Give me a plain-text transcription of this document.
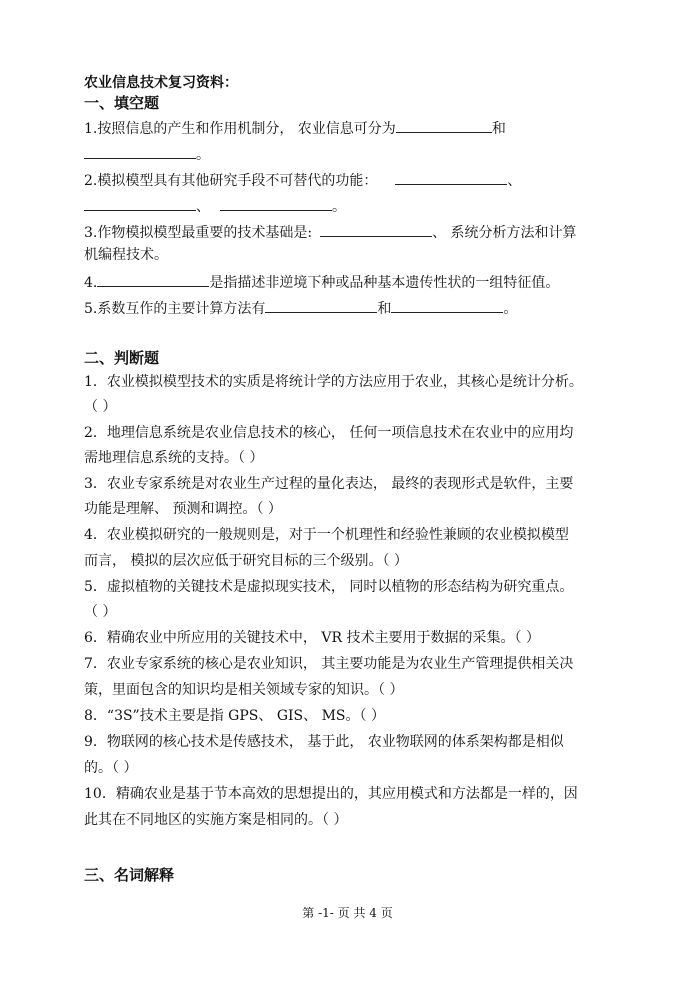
农业信息技术复习资料：
一、填空题
1.按照信息的产生和作用机制分， 农业信息可分为	和
。
2.模拟模型具有其他研究手段不可替代的功能：	、
、	。
3.作物模拟模型最重要的技术基础是:	、 系统分析方法和计算
机编程技术。
4.	是指描述非逆境下种或品种基本遗传性状的一组特征值。
5.系数互作的主要计算方法有	和	。
二、判断题
1．农业模拟模型技术的实质是将统计学的方法应用于农业，其核心是统计分析。
（ ）
2．地理信息系统是农业信息技术的核心， 任何一项信息技术在农业中的应用均
需地理信息系统的支持。（ ）
3．农业专家系统是对农业生产过程的量化表达， 最终的表现形式是软件，主要
功能是理解、 预测和调控。（ ）
4．农业模拟研究的一般规则是，对于一个机理性和经验性兼顾的农业模拟模型
而言， 模拟的层次应低于研究目标的三个级别。（ ）
5．虚拟植物的关键技术是虚拟现实技术， 同时以植物的形态结构为研究重点。
（ ）
6．精确农业中所应用的关键技术中， VR 技术主要用于数据的采集。（ ）
7．农业专家系统的核心是农业知识， 其主要功能是为农业生产管理提供相关决
策，里面包含的知识均是相关领域专家的知识。（ ）
8．“3S”技术主要是指 GPS、 GIS、 MS。（ ）
9．物联网的核心技术是传感技术， 基于此， 农业物联网的体系架构都是相似
的。（ ）
10．精确农业是基于节本高效的思想提出的，其应用模式和方法都是一样的，因
此其在不同地区的实施方案是相同的。（ ）
三、名词解释
第 -1- 页 共 4 页
